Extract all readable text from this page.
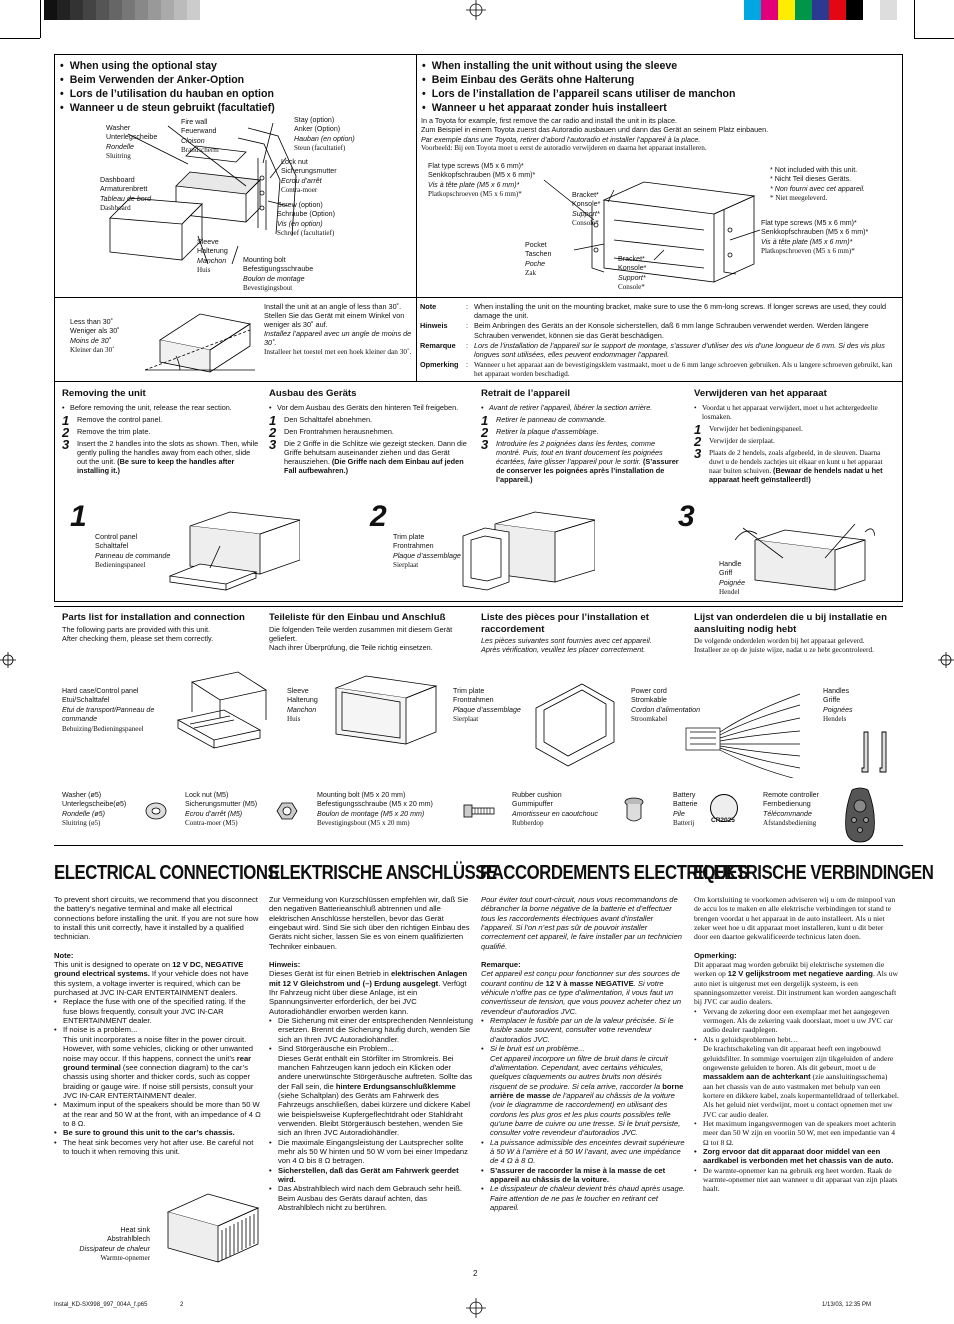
• When using the optional stay
• Beim Verwenden der Anker-Option
• Lors de l’utilisation du hauban en option
• Wanneer u de steun gebruikt (facultatief)
• When installing the unit without using the sleeve
• Beim Einbau des Geräts ohne Halterung
• Lors de l’installation de l’appareil scans utiliser de manchon
• Wanneer u het apparaat zonder huis installeert
In a Toyota for example, first remove the car radio and install the unit in its place.
Zum Beispiel in einem Toyota zuerst das Autoradio ausbauen und dann das Gerät an seinem Platz einbauen.
Par exemple dans une Toyota, retirer d’abord l’autoradio et installer l’appareil à la place.
Voorbeeld: Bij een Toyota moet u eerst de autoradio verwijderen en daarna het apparaat installeren.
Washer
Unterlegscheibe
Rondelle
Sluitring
Fire wall
Feuerwand
Cloison
Brandscherm
Stay (option)
Anker (Option)
Hauban (en option)
Steun (facultatief)
Lock nut
Sicherungsmutter
Ecrou d’arrêt
Contra-moer
Dashboard
Armaturenbrett
Tableau de bord
Dashboard	Screw (option)
Schraube (Option)
Vis (en option)
Schroef (facultatief)
Sleeve
Halterung
Manchon
Huis
Mounting bolt
Befestigungsschraube
Boulon de montage
Bevestigingsbout
Less than 30˚
Weniger als 30˚
Moins de 30˚
Kleiner dan 30˚
Install the unit at an angle of less than 30˚.
Stellen Sie das Gerät mit einem Winkel von weniger als 30˚ auf.
Installez l’appareil avec un angle de moins de 30˚.
Installeer het toestel met een hoek kleiner dan 30˚.
Flat type screws (M5 x 6 mm)*
Senkkopfschrauben (M5 x 6 mm)*
Vis à tête plate (M5 x 6 mm)*
Platkopschroeven (M5 x 6 mm)*
* Not included with this unit.
* Nicht Teil dieses Geräts.
* Non fourni avec cet appareil.
* Niet meegeleverd.
Bracket*
Konsole*
Support*
Console*	Flat type screws (M5 x 6 mm)*
Senkkopfschrauben (M5 x 6 mm)*
Vis à tête plate (M5 x 6 mm)*
Platkopschroeven (M5 x 6 mm)*
Pocket
Taschen
Poche
Zak
Bracket*
Konsole*
Support*
Console*
Note	: When installing the unit on the mounting bracket, make sure to use the 6 mm-long screws. If longer screws are used, they could damage the unit.
Hinweis	: Beim Anbringen des Geräts an der Konsole sicherstellen, daß 6 mm lange Schrauben verwendet werden. Werden längere Schrauben verwendet, können sie das Gerät beschädigen.
Remarque	: Lors de l’installation de l’appareil sur le support de montage, s’assurer d’utiliser des vis d’une longueur de 6 mm. Si des vis plus longues sont utilisées, elles peuvent endommager l’appareil.
Opmerking	: Wanneer u het apparaat aan de bevestigingsklem vastmaakt, moet u de 6 mm lange schroeven gebruiken. Als u langere schroeven gebruikt, kan het apparaat worden beschadigd.
Removing the unit
• Before removing the unit, release the rear section.
1 Remove the control panel.
2 Remove the trim plate.
3 Insert the 2 handles into the slots as shown. Then, while gently pulling the handles away from each other, slide out the unit. (Be sure to keep the handles after installing it.)
Ausbau des Geräts
• Vor dem Ausbau des Geräts den hinteren Teil freigeben.
1 Den Schalttafel abnehmen.
2 Den Frontrahmen herausnehmen.
3 Die 2 Griffe in die Schlitze wie gezeigt stecken. Dann die Griffe behutsam auseinander ziehen und das Gerät herausziehen. (Die Griffe nach dem Einbau auf jeden Fall aufbewahren.)
Retrait de l’appareil
• Avant de retirer l’appareil, libérer la section arrière.
1 Retirer le panneau de commande.
2 Retirer la plaque d’assemblage.
3 Introduire les 2 poignées dans les fentes, comme montré. Puis, tout en tirant doucement les poignées écartées, faire glisser l’appareil pour le sortir. (S’assurer de conserver les poignées après l’installation de l’appareil.)
Verwijderen van het apparaat
• Voordat u het apparaat verwijdert, moet u het achtergedeelte losmaken.
1 Verwijder het bedieningspaneel.
2 Verwijder de sierplaat.
3 Plaats de 2 hendels, zoals afgebeeld, in de sleuven. Daarna duwt u de hendels zachtjes uit elkaar en kunt u het apparaat naar buiten schuiven. (Bewaar de hendels nadat u het apparaat heeft geïnstalleerd!)
1	2	3
Control panel
Schalttafel
Panneau de commande
Bedieningspaneel
Trim plate
Frontrahmen
Plaque d’assemblage
Sierplaat	Handle
Griff
Poignée
Hendel
Parts list for installation and connection
The following parts are provided with this unit.
After checking them, please set them correctly.
Teileliste für den Einbau und Anschluß
Die folgenden Teile werden zusammen mit diesem Gerät geliefert.
Nach ihrer Überprüfung, die Teile richtig einsetzen.
Liste des pièces pour l’installation et raccordement
Les pièces suivantes sont fournies avec cet appareil.
Après vérification, veuillez les placer correctement.
Lijst van onderdelen die u bij installatie en aansluiting nodig hebt
De volgende onderdelen worden bij het apparaat geleverd.
Installeer ze op de juiste wijze, nadat u ze hebt gecontroleerd.
Hard case/Control panel
Etui/Schalttafel
Etui de transport/Panneau de commande
Behuizing/Bedieningspaneel
Sleeve
Halterung
Manchon
Huis
Trim plate
Frontrahmen
Plaque d’assemblage
Sierplaat
Power cord
Stromkable
Cordon d’alimentation
Stroomkabel
Handles
Griffe
Poignées
Hendels
Washer (ø5)
Unterlegscheibe(ø5)
Rondelle (ø5)
Sluitring (ø5)
Lock nut (M5)
Sicherungsmutter (M5)
Ecrou d’arrêt (M5)
Contra-moer (M5)
Mounting bolt (M5 x 20 mm)
Befestigungsschraube (M5 x 20 mm)
Boulon de montage (M5 x 20 mm)
Bevestigingsbout (M5 x 20 mm)
Rubber cushion
Gummipuffer
Amortisseur en caoutchouc
Rubberdop
Battery
Batterie
Pile
Batterij	CR2025
Remote controller
Fernbedienung
Télécommande
Afstandsbediening
ELECTRICAL CONNECTIONS
ELEKTRISCHE ANSCHLÜSSE
RACCORDEMENTS ELECTRIQUES
ELEKTRISCHE VERBINDINGEN

To prevent short circuits, we recommend that you disconnect the battery’s negative terminal and make all electrical connections before installing the unit. If you are not sure how to install this unit correctly, have it installed by a qualified technician.

Note:
This unit is designed to operate on 12 V DC, NEGATIVE ground electrical systems. If your vehicle does not have this system, a voltage inverter is required, which can be purchased at JVC IN-CAR ENTERTAINMENT dealers.
• Replace the fuse with one of the specified rating. If the fuse blows frequently, consult your JVC IN-CAR ENTERTAINMENT dealer.
• If noise is a problem...
This unit incorporates a noise filter in the power circuit. However, with some vehicles, clicking or other unwanted noise may occur. If this happens, connect the unit’s rear ground terminal (see connection diagram) to the car’s chassis using shorter and thicker cords, such as copper braiding or gauge wire. If noise still persists, consult your JVC IN-CAR ENTERTAINMENT dealer.
• Maximum input of the speakers should be more than 50 W at the rear and 50 W at the front, with an impedance of 4 Ω to 8 Ω.
• Be sure to ground this unit to the car’s chassis.
• The heat sink becomes very hot after use. Be careful not to touch it when removing this unit.
Heat sink
Abstrahlblech
Dissipateur de chaleur
Warmte-opnemer

Zur Vermeidung von Kurzschlüssen empfehlen wir, daß Sie den negativen Batterieanschluß abtrennen und alle elektrischen Anschlüsse herstellen, bevor das Gerät eingebaut wird. Sind Sie sich über den richtigen Einbau des Geräts nicht sicher, lassen Sie es von einem qualifizierten Techniker einbauen.

Hinweis:
Dieses Gerät ist für einen Betrieb in elektrischen Anlagen mit 12 V Gleichstrom und (–) Erdung ausgelegt. Verfügt Ihr Fahrzeug nicht über diese Anlage, ist ein Spannungsinverter erforderlich, der bei JVC Autoradiohändler erworben werden kann.
• Die Sicherung mit einer der entsprechenden Nennleistung ersetzen. Brennt die Sicherung häufig durch, wenden Sie sich an Ihren JVC Autoradiohändler.
• Sind Störgeräusche ein Problem...
Dieses Gerät enthält ein Störfilter im Stromkreis. Bei manchen Fahrzeugen kann jedoch ein Klicken oder andere unerwünschte Störgeräusche auftreten. Sollte das der Fall sein, die hintere Erdungsanschlußklemme (siehe Schaltplan) des Geräts am Fahrwerk des Fahrzeugs anschließen, dabei kürzere und dickere Kabel wie beispielsweise Kupfergeflechtdraht oder Stahldraht verwenden. Bleibt Störgeräusch bestehen, wenden Sie sich an Ihren JVC Autoradiohändler.
• Die maximale Eingangsleistung der Lautsprecher sollte mehr als 50 W hinten und 50 W vorn bei einer Impedanz von 4 Ω bis 8 Ω betragen.
• Sicherstellen, daß das Gerät am Fahrwerk geerdet wird.
• Das Abstrahlblech wird nach dem Gebrauch sehr heiß. Beim Ausbau des Geräts darauf achten, das Abstrahlblech nicht zu berühren.

Pour éviter tout court-circuit, nous vous recommandons de débrancher la borne négative de la batterie et d’effectuer tous les raccordements électriques avant d’installer l’appareil. Si l’on n’est pas sûr de pouvoir installer correctement cet appareil, le faire installer par un technicien qualifié.

Remarque:
Cet appareil est conçu pour fonctionner sur des sources de courant continu de 12 V à masse NEGATIVE. Si votre véhicule n’offre pas ce type d’alimentation, il vous faut un convertisseur de tension, que vous pouvez acheter chez un revendeur d’autoradios JVC.
• Remplacer le fusible par un de la valeur précisée. Si le fusible saute souvent, consulter votre revendeur d’autoradios JVC.
• Si le bruit est un problème...
Cet appareil incorpore un filtre de bruit dans le circuit d’alimentation. Cependant, avec certains véhicules, quelques claquements ou autres bruits non désirés risquent de se produire. Si cela arrive, raccorder la borne arrière de masse de l’appareil au châssis de la voiture (voir le diagramme de raccordement) en utilisant des cordons les plus gros et les plus courts possibles telle qu’une barre de cuivre ou une tresse. Si le bruit persiste, consulter votre revendeur d’autoradios JVC.
• La puissance admissible des enceintes devrait supérieure à 50 W à l’arrière et à 50 W l’avant, avec une impédance de 4 Ω à 8 Ω.
• S’assurer de raccorder la mise à la masse de cet appareil au châssis de la voiture.
• Le dissipateur de chaleur devient très chaud après usage. Faire attention de ne pas le toucher en retirant cet appareil.

Om kortsluiting te voorkomen adviseren wij u om de minpool van de accu los te maken en alle elektrische verbindingen tot stand te brengen voordat u het apparaat in de auto installeert. Als u niet zeker weet hoe u dit apparaat moet installeren, kunt u dit beter door een daartoe gekwalificeerde technicus laten doen.

Opmerking:
Dit apparaat mag worden gebruikt bij elektrische systemen die werken op 12 V gelijkstroom met negatieve aarding. Als uw auto niet is uitgerust met een dergelijk systeem, is een spanningsomzetter vereist. Dit instrument kan worden aangeschaft bij JVC car audio dealers.
• Vervang de zekering door een exemplaar met het aangegeven vermogen. Als de zekering vaak doorslaat, moet u uw JVC car audio dealer raadplegen.
• Als u geluidsproblemen hebt…
De krachtschakeling van dit apparaat heeft een ingebouwd geluidsfilter. In sommige voertuigen zijn tikgeluiden of andere ongewenste geluiden te horen. Als dit gebeurt, moet u de massaklem aan de achterkant (zie aansluitingsschema) aan het chassis van de auto vastmaken met behulp van een kortere en dikkere kabel, zoals kopermantelldraad of tellerkabel. Als het geluid niet verdwijnt, moet u contact opnemen met uw JVC car audio dealer.
• Het maximum ingangsvermogen van de speakers moet achterin meer dan 50 W zijn en vooriin 50 W, met een impedantie van 4 Ω tot 8 Ω.
• Zorg ervoor dat dit apparaat door middel van een aardkabel is verbonden met het chassis van de auto.
• De warmte-opnemer kan na gebruik erg heet worden. Raak de warmte-opnemer niet aan wanneer u dit apparaat van zijn plaats haalt.
2
Instal_KD-SX998_997_004A_f.p65	2	1/13/03, 12:35 PM
